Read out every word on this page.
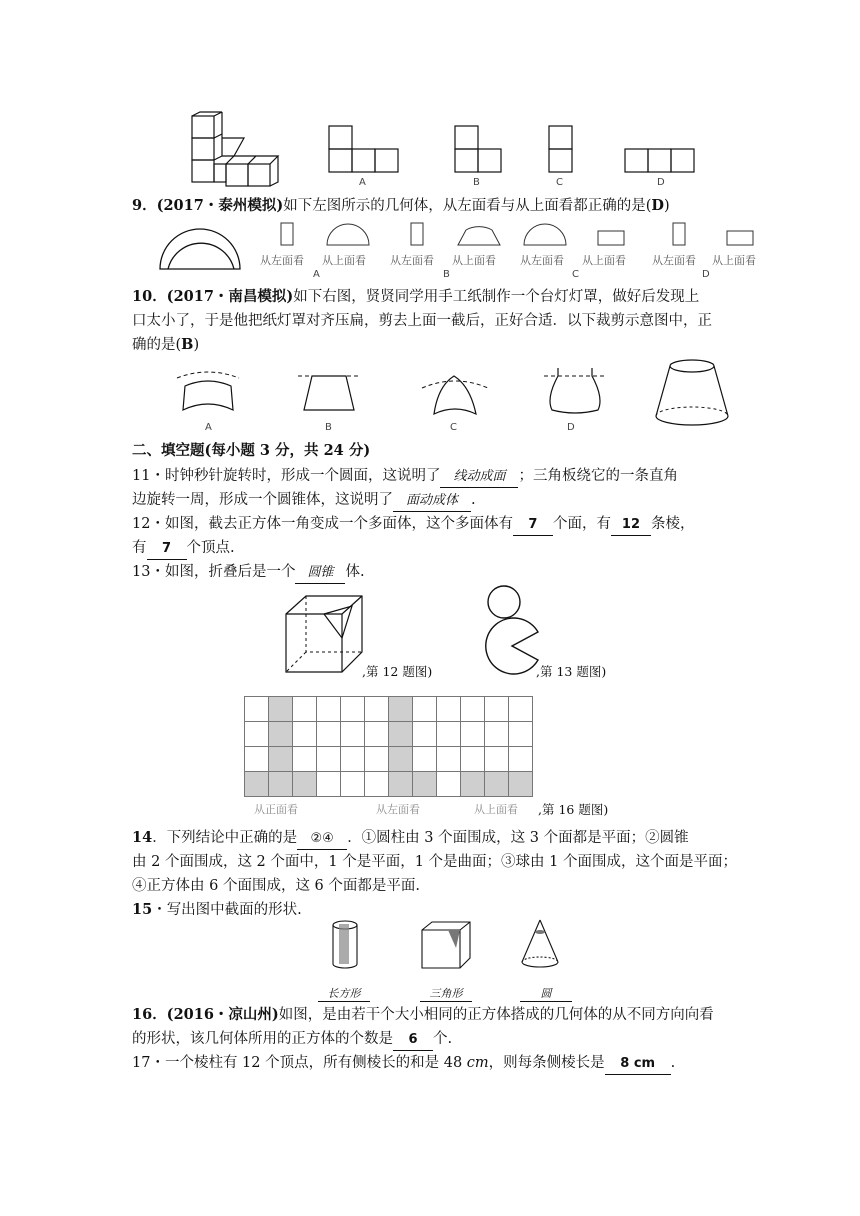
A	B	C	D
9．(2017・泰州模拟)如下左图所示的几何体，从左面看与从上面看都正确的是(D)
从左面看 从上面看 从左面看 从上面看 从左面看 从上面看 从左面看 从上面看
A	B	C	D
10．(2017・南昌模拟)如下右图，贤贤同学用手工纸制作一个台灯灯罩，做好后发现上
口太小了，于是他把纸灯罩对齐压扁，剪去上面一截后，正好合适．以下裁剪示意图中，正
确的是(B)
A	B	C	D
二、填空题(每小题 3 分，共 24 分)
11・时钟秒针旋转时，形成一个圆面，这说明了 线动成面 ；三角板绕它的一条直角
边旋转一周，形成一个圆锥体，这说明了 面动成体 .
12・如图，截去正方体一角变成一个多面体，这个多面体有 7 个面，有 12 条棱，
有 7 个顶点.
13・如图，折叠后是一个 圆锥 体.
,第 12 题图)	,第 13 题图)

从正面看	从左面看	从上面看 ,第 16 题图)
14．下列结论中正确的是 ②④ ．①圆柱由 3 个面围成，这 3 个面都是平面；②圆锥
由 2 个面围成，这 2 个面中，1 个是平面，1 个是曲面；③球由 1 个面围成，这个面是平面；
④正方体由 6 个面围成，这 6 个面都是平面.
15・写出图中截面的形状.
长方形	三角形	圆
16．(2016・凉山州)如图，是由若干个大小相同的正方体搭成的几何体的从不同方向向看
的形状，该几何体所用的正方体的个数是 6 个.
17・一个棱柱有 12 个顶点，所有侧棱长的和是 48 cm，则每条侧棱长是 8 cm .
